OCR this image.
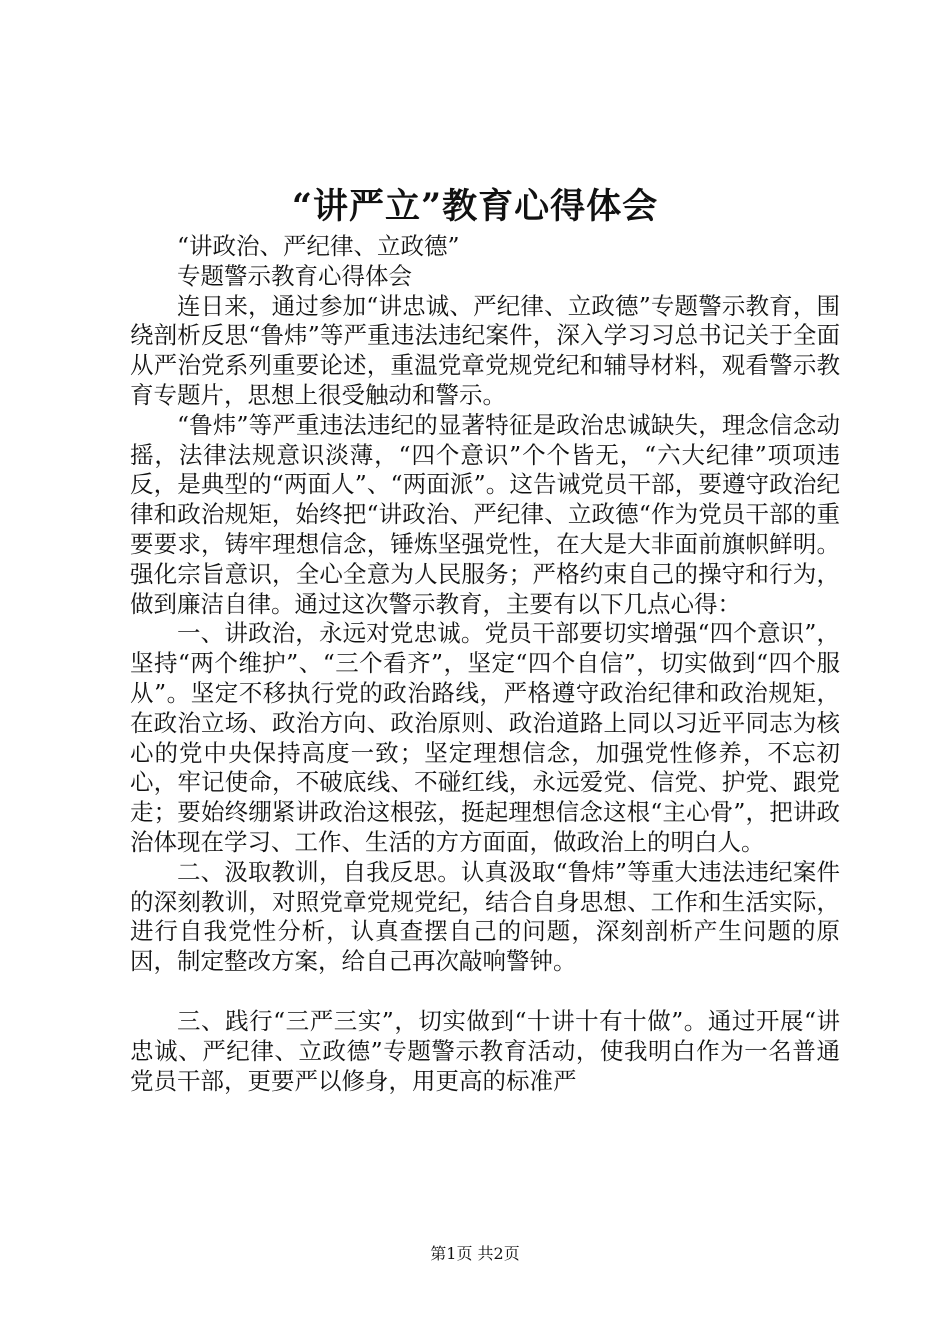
“讲严立”教育心得体会

“讲政治、严纪律、立政德”

专题警示教育心得体会

连日来，通过参加“讲忠诚、严纪律、立政德”专题警示教育，围绕剖析反思“鲁炜”等严重违法违纪案件，深入学习习总书记关于全面从严治党系列重要论述，重温党章党规党纪和辅导材料，观看警示教育专题片，思想上很受触动和警示。

“鲁炜”等严重违法违纪的显著特征是政治忠诚缺失，理念信念动摇，法律法规意识淡薄，“四个意识”个个皆无，“六大纪律”项项违反，是典型的“两面人”、“两面派”。这告诫党员干部，要遵守政治纪律和政治规矩，始终把“讲政治、严纪律、立政德“作为党员干部的重要要求，铸牢理想信念，锤炼坚强党性，在大是大非面前旗帜鲜明。强化宗旨意识，全心全意为人民服务；严格约束自己的操守和行为，做到廉洁自律。通过这次警示教育，主要有以下几点心得：

一、讲政治，永远对党忠诚。党员干部要切实增强“四个意识”，坚持“两个维护”、“三个看齐”，坚定“四个自信”，切实做到“四个服从”。坚定不移执行党的政治路线，严格遵守政治纪律和政治规矩，在政治立场、政治方向、政治原则、政治道路上同以习近平同志为核心的党中央保持高度一致；坚定理想信念，加强党性修养，不忘初心，牢记使命，不破底线、不碰红线，永远爱党、信党、护党、跟党走；要始终绷紧讲政治这根弦，挺起理想信念这根“主心骨”，把讲政治体现在学习、工作、生活的方方面面，做政治上的明白人。

二、汲取教训，自我反思。认真汲取“鲁炜”等重大违法违纪案件的深刻教训，对照党章党规党纪，结合自身思想、工作和生活实际，进行自我党性分析，认真查摆自己的问题，深刻剖析产生问题的原因，制定整改方案，给自己再次敲响警钟。

三、践行“三严三实”，切实做到“十讲十有十做”。通过开展“讲忠诚、严纪律、立政德”专题警示教育活动，使我明白作为一名普通党员干部，更要严以修身，用更高的标准严

第1页 共2页
